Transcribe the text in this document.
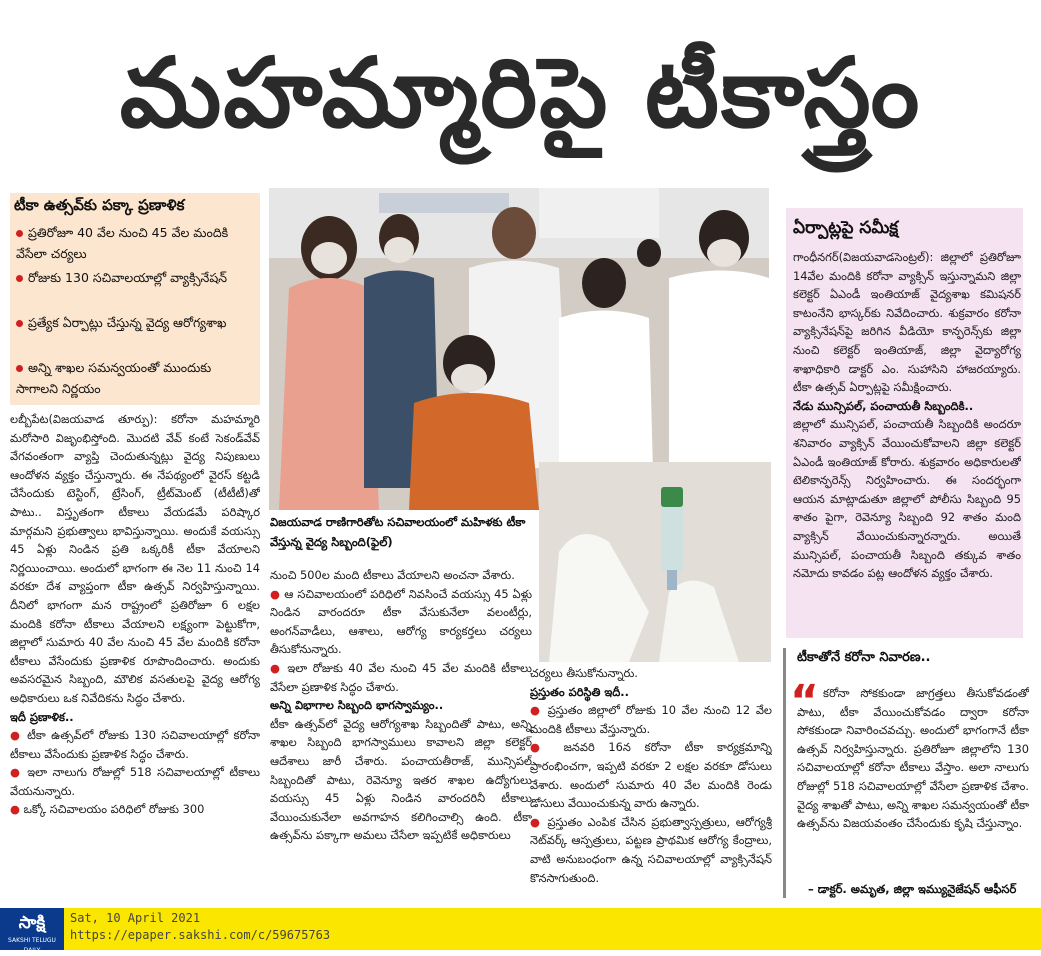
మహమ్మారిపై టీకాస్త్రం
టీకా ఉత్సవ్‌కు పక్కా ప్రణాళిక
ప్రతిరోజూ 40 వేల నుంచి 45 వేల మందికి వేసేలా చర్యలు
రోజుకు 130 సచివాలయాల్లో వ్యాక్సినేషన్
ప్రత్యేక ఏర్పాట్లు చేస్తున్న వైద్య ఆరోగ్యశాఖ
అన్ని శాఖల సమన్వయంతో ముందుకు సాగాలని నిర్ణయం

లబ్బీపేట(విజయవాడ తూర్పు): కరోనా మహమ్మారి మరోసారి విజృంభిస్తోంది. మొదటి వేవ్ కంటే సెకండ్‌వేవ్ వేగవంతంగా వ్యాప్తి చెందుతున్నట్లు వైద్య నిపుణులు ఆందోళన వ్యక్తం చేస్తున్నారు. ఈ నేపథ్యంలో వైరస్ కట్టడి చేసేందుకు టెస్టింగ్, ట్రేసింగ్, ట్రీట్‌మెంట్ (టీటీటీ)తో పాటు.. విస్తృతంగా టీకాలు వేయడమే పరిష్కార మార్గమని ప్రభుత్వాలు భావిస్తున్నాయి. అందుకే వయస్సు 45 ఏళ్లు నిండిన ప్రతి ఒక్కరికీ టీకా వేయాలని నిర్ణయించాయి. అందులో భాగంగా ఈ నెల 11 నుంచి 14 వరకూ దేశ వ్యాప్తంగా టీకా ఉత్సవ్ నిర్వహిస్తున్నాయి. దీనిలో భాగంగా మన రాష్ట్రంలో ప్రతిరోజూ 6 లక్షల మందికి కరోనా టీకాలు వేయాలని లక్ష్యంగా పెట్టుకోగా, జిల్లాలో సుమారు 40 వేల నుంచి 45 వేల మందికి కరోనా టీకాలు వేసేందుకు ప్రణాళిక రూపొందించారు. అందుకు అవసరమైన సిబ్బంది, మౌలిక వసతులపై వైద్య ఆరోగ్య అధికారులు ఒక నివేదికను సిద్ధం చేశారు.

ఇదీ ప్రణాళిక..

● టీకా ఉత్సవ్‌లో రోజుకు 130 సచివాలయాల్లో కరోనా టీకాలు వేసేందుకు ప్రణాళిక సిద్ధం చేశారు.

● ఇలా నాలుగు రోజుల్లో 518 సచివాలయాల్లో టీకాలు వేయనున్నారు.

● ఒక్కో సచివాలయం పరిధిలో రోజుకు 300

విజయవాడ రాణిగారితోట సచివాలయంలో మహిళకు టీకా వేస్తున్న వైద్య సిబ్బంది(ఫైల్)

నుంచి 500ల మంది టీకాలు వేయాలని అంచనా వేశారు.

● ఆ సచివాలయంలో పరిధిలో నివసించే వయస్సు 45 ఏళ్లు నిండిన వారందరూ టీకా వేసుకునేలా వలంటీర్లు, అంగన్‌వాడీలు, ఆశాలు, ఆరోగ్య కార్యకర్తలు చర్యలు తీసుకోనున్నారు.

● ఇలా రోజుకు 40 వేల నుంచి 45 వేల మందికి టీకాలు వేసేలా ప్రణాళిక సిద్ధం చేశారు.

అన్ని విభాగాల సిబ్బంది భాగస్వామ్యం..

టీకా ఉత్సవ్‌లో వైద్య ఆరోగ్యశాఖ సిబ్బందితో పాటు, అన్ని శాఖల సిబ్బంది భాగస్వాములు కావాలని జిల్లా కలెక్టర్ ఆదేశాలు జారీ చేశారు. పంచాయతీరాజ్, మున్సిపల్ సిబ్బందితో పాటు, రెవెన్యూ ఇతర శాఖల ఉద్యోగులు వయస్సు 45 ఏళ్లు నిండిన వారందరినీ టీకాలు వేయించుకునేలా అవగాహన కలిగించాల్సి ఉంది. టీకా ఉత్సవ్‌ను పక్కాగా అమలు చేసేలా ఇప్పటికే అధికారులు

చర్యలు తీసుకోనున్నారు.

ప్రస్తుతం పరిస్థితి ఇదీ..

● ప్రస్తుతం జిల్లాలో రోజుకు 10 వేల నుంచి 12 వేల మందికి టీకాలు వేస్తున్నారు.

● జనవరి 16న కరోనా టీకా కార్యక్రమాన్ని ప్రారంభించగా, ఇప్పటి వరకూ 2 లక్షల వరకూ డోసులు వేశారు. అందులో సుమారు 40 వేల మందికి రెండు డోసులు వేయించుకున్న వారు ఉన్నారు.

● ప్రస్తుతం ఎంపిక చేసిన ప్రభుత్వాస్పత్రులు, ఆరోగ్యశ్రీ నెట్‌వర్క్ ఆస్పత్రులు, పట్టణ ప్రాథమిక ఆరోగ్య కేంద్రాలు, వాటి అనుబంధంగా ఉన్న సచివాలయాల్లో వ్యాక్సినేషన్ కొనసాగుతుంది.

ఏర్పాట్లపై సమీక్ష

గాంధీనగర్(విజయవాడసెంట్రల్): జిల్లాలో ప్రతిరోజూ 14వేల మందికి కరోనా వ్యాక్సిన్ ఇస్తున్నామని జిల్లా కలెక్టర్ ఏఎండీ ఇంతియాజ్ వైద్యశాఖ కమిషనర్ కాటంనేని భాస్కర్‌కు నివేదించారు. శుక్రవారం కరోనా వ్యాక్సినేషన్‌పై జరిగిన వీడియో కాన్ఫరెన్స్‌కు జిల్లా నుంచి కలెక్టర్ ఇంతియాజ్, జిల్లా వైద్యారోగ్య శాఖాధికారి డాక్టర్ ఎం. సుహాసిని హాజరయ్యారు. టీకా ఉత్సవ్ ఏర్పాట్లపై సమీక్షించారు.

నేడు మున్సిపల్, పంచాయతీ సిబ్బందికి..

జిల్లాలో మున్సిపల్, పంచాయతీ సిబ్బందికి అందరూ శనివారం వ్యాక్సిన్ వేయించుకోవాలని జిల్లా కలెక్టర్ ఏఎండీ ఇంతియాజ్ కోరారు. శుక్రవారం అధికారులతో టెలికాన్ఫరెన్స్ నిర్వహించారు. ఈ సందర్భంగా ఆయన మాట్లాడుతూ జిల్లాలో పోలీసు సిబ్బంది 95 శాతం పైగా, రెవెన్యూ సిబ్బంది 92 శాతం మంది వ్యాక్సిన్ వేయించుకున్నారన్నారు. అయితే మున్సిపల్, పంచాయతీ సిబ్బంది తక్కువ శాతం నమోదు కావడం పట్ల ఆందోళన వ్యక్తం చేశారు.

టీకాతోనే కరోనా నివారణ..
“ కరోనా సోకకుండా జాగ్రత్తలు తీసుకోవడంతో పాటు, టీకా వేయించుకోవడం ద్వారా కరోనా సోకకుండా నివారించవచ్చు. అందులో భాగంగానే టీకా ఉత్సవ్ నిర్వహిస్తున్నారు. ప్రతిరోజూ జిల్లాలోని 130 సచివాలయాల్లో కరోనా టీకాలు వేస్తాం. అలా నాలుగు రోజుల్లో 518 సచివాలయాల్లో వేసేలా ప్రణాళిక చేశాం. వైద్య శాఖతో పాటు, అన్ని శాఖల సమన్వయంతో టీకా ఉత్సవ్‌ను విజయవంతం చేసేందుకు కృషి చేస్తున్నాం.
– డాక్టర్. అమృత, జిల్లా ఇమ్యునైజేషన్ ఆఫీసర్
సాక్షి
SAKSHI TELUGU DAILY
Sat, 10 April 2021
https://epaper.sakshi.com/c/59675763
